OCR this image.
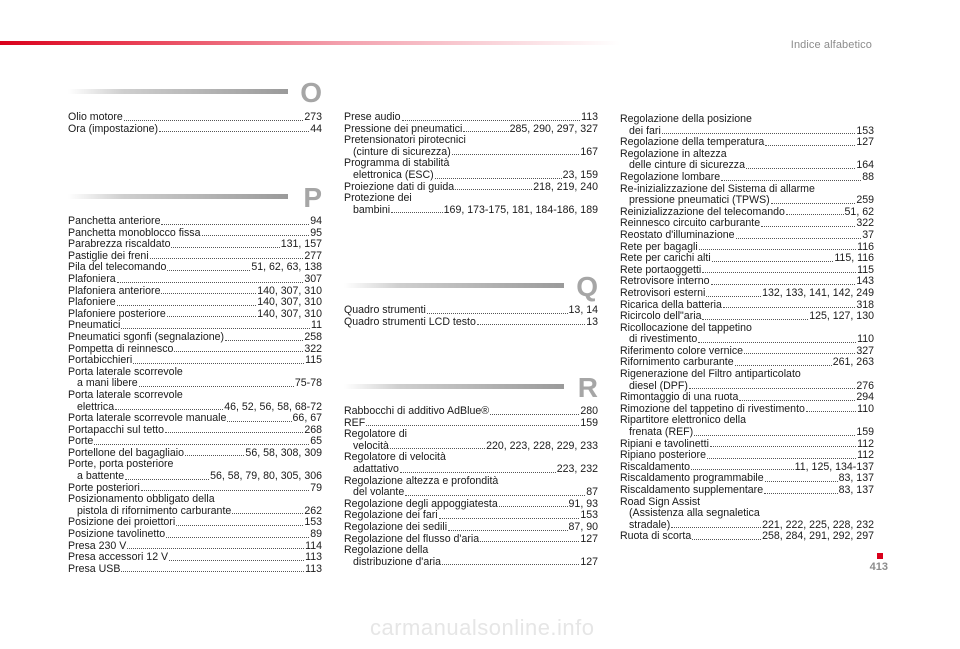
Indice alfabetico
O
Olio motore	273
Ora (impostazione)	44
P
Panchetta anteriore	94
Panchetta monoblocco fissa	95
Parabrezza riscaldato	131, 157
Pastiglie dei freni	277
Pila del telecomando	51, 62, 63, 138
Plafoniera	307
Plafoniera anteriore	140, 307, 310
Plafoniere	140, 307, 310
Plafoniere posteriore	140, 307, 310
Pneumatici	11
Pneumatici sgonfi (segnalazione)	258
Pompetta di reinnesco	322
Portabicchieri	115
Porta laterale scorrevole
a mani libere	75-78
Porta laterale scorrevole
elettrica	46, 52, 56, 58, 68-72
Porta laterale scorrevole manuale	66, 67
Portapacchi sul tetto	268
Porte	65
Portellone del bagagliaio	56, 58, 308, 309
Porte, porta posteriore
a battente	56, 58, 79, 80, 305, 306
Porte posteriori	79
Posizionamento obbligato della
pistola di rifornimento carburante	262
Posizione dei proiettori	153
Posizione tavolinetto	89
Presa 230 V	114
Presa accessori 12 V	113
Presa USB	113
Prese audio	113
Pressione dei pneumatici	285, 290, 297, 327
Pretensionatori pirotecnici
(cinture di sicurezza)	167
Programma di stabilità
elettronica (ESC)	23, 159
Proiezione dati di guida	218, 219, 240
Protezione dei
bambini	169, 173-175, 181, 184-186, 189
Q
Quadro strumenti	13, 14
Quadro strumenti LCD testo	13
R
Rabbocchi di additivo AdBlue®	280
REF	159
Regolatore di
velocità	220, 223, 228, 229, 233
Regolatore di velocità
adattativo	223, 232
Regolazione altezza e profondità
del volante	87
Regolazione degli appoggiatesta	91, 93
Regolazione dei fari	153
Regolazione dei sedili	87, 90
Regolazione del flusso d'aria	127
Regolazione della
distribuzione d'aria	127
Regolazione della posizione
dei fari	153
Regolazione della temperatura	127
Regolazione in altezza
delle cinture di sicurezza	164
Regolazione lombare	88
Re-inizializzazione del Sistema di allarme
pressione pneumatici (TPWS)	259
Reinizializzazione del telecomando	51, 62
Reinnesco circuito carburante	322
Reostato d'illuminazione	37
Rete per bagagli	116
Rete per carichi alti	115, 116
Rete portaoggetti	115
Retrovisore interno	143
Retrovisori esterni	132, 133, 141, 142, 249
Ricarica della batteria	318
Ricircolo dell"aria	125, 127, 130
Ricollocazione del tappetino
di rivestimento	110
Riferimento colore vernice	327
Rifornimento carburante	261, 263
Rigenerazione del Filtro antiparticolato
diesel (DPF)	276
Rimontaggio di una ruota	294
Rimozione del tappetino di rivestimento	110
Ripartitore elettronico della
frenata (REF)	159
Ripiani e tavolinetti	112
Ripiano posteriore	112
Riscaldamento	11, 125, 134-137
Riscaldamento programmabile	83, 137
Riscaldamento supplementare	83, 137
Road Sign Assist
(Assistenza alla segnaletica
stradale)	221, 222, 225, 228, 232
Ruota di scorta	258, 284, 291, 292, 297
413
carmanualsonline.info
